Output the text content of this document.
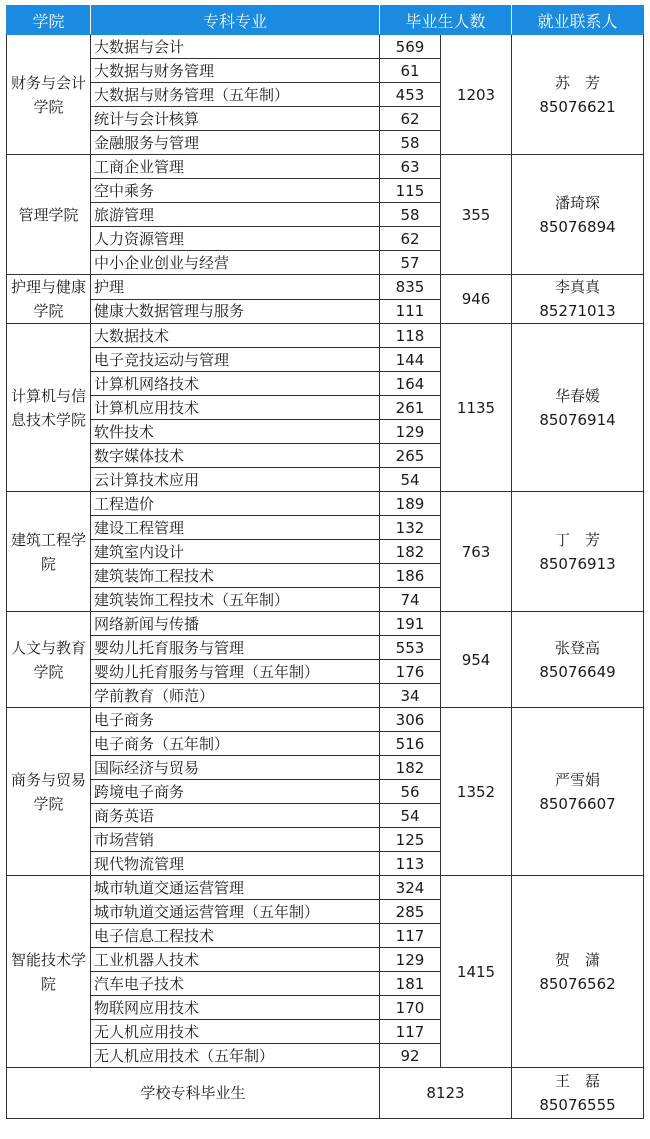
学院	专科专业	毕业生人数		就业联系人
财务与会计学院	大数据与会计	569	1203	苏　芳
85076621

	大数据与财务管理	61		
	大数据与财务管理（五年制）	453		
	统计与会计核算	62		
	金融服务与管理	58		
管理学院	工商企业管理	63	355	潘琦琛
85076894

	空中乘务	115		
	旅游管理	58		
	人力资源管理	62		
	中小企业创业与经营	57		
护理与健康学院	护理	835	946	李真真
85271013

	健康大数据管理与服务	111		
计算机与信息技术学院	大数据技术	118	1135	华春媛
85076914

	电子竞技运动与管理	144		
	计算机网络技术	164		
	计算机应用技术	261		
	软件技术	129		
	数字媒体技术	265		
	云计算技术应用	54		
建筑工程学院	工程造价	189	763	丁　芳
85076913

	建设工程管理	132		
	建筑室内设计	182		
	建筑装饰工程技术	186		
	建筑装饰工程技术（五年制）	74		
人文与教育学院	网络新闻与传播	191	954	张登高
85076649

	婴幼儿托育服务与管理	553		
	婴幼儿托育服务与管理（五年制）	176		
	学前教育（师范）	34		
商务与贸易学院	电子商务	306	1352	严雪娟
85076607

	电子商务（五年制）	516		
	国际经济与贸易	182		
	跨境电子商务	56		
	商务英语	54		
	市场营销	125		
	现代物流管理	113		
智能技术学院	城市轨道交通运营管理	324	1415	贺　潇
85076562

	城市轨道交通运营管理（五年制）	285		
	电子信息工程技术	117		
	工业机器人技术	129		
	汽车电子技术	181		
	物联网应用技术	170		
	无人机应用技术	117		
	无人机应用技术（五年制）	92		
学校专科毕业生		8123		王　磊
85076555
